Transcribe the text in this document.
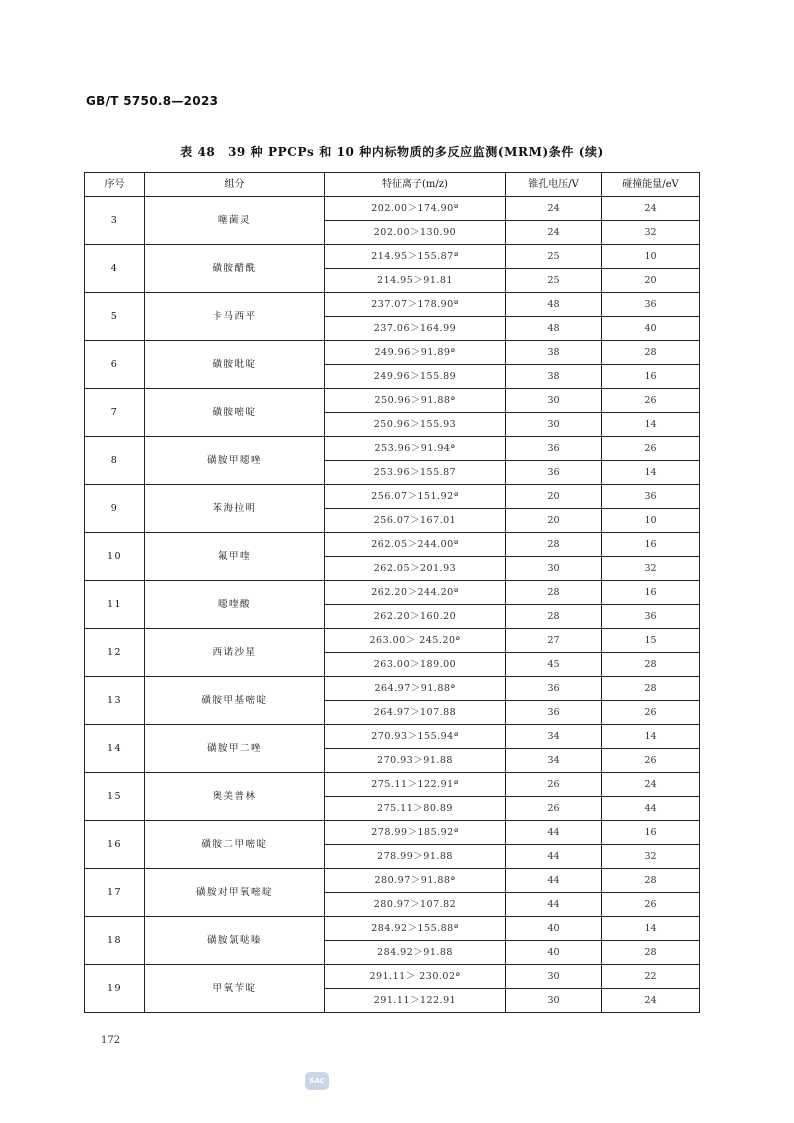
GB/T 5750.8—2023
表 48　39 种 PPCPs 和 10 种内标物质的多反应监测(MRM)条件 (续)
序号	组分	特征离子(m/z)	锥孔电压/V	碰撞能量/eV
3	噻菌灵	202.00＞174.90ª	24	24
		202.00＞130.90	24	32
4	磺胺醋酰	214.95＞155.87ª	25	10
		214.95＞91.81	25	20
5	卡马西平	237.07＞178.90ª	48	36
		237.06＞164.99	48	40
6	磺胺吡啶	249.96＞91.89ª	38	28
		249.96＞155.89	38	16
7	磺胺嘧啶	250.96＞91.88ª	30	26
		250.96＞155.93	30	14
8	磺胺甲噁唑	253.96＞91.94ª	36	26
		253.96＞155.87	36	14
9	苯海拉明	256.07＞151.92ª	20	36
		256.07＞167.01	20	10
10	氟甲喹	262.05＞244.00ª	28	16
		262.05＞201.93	30	32
11	噁喹酸	262.20＞244.20ª	28	16
		262.20＞160.20	28	36
12	西诺沙星	263.00＞ 245.20ª	27	15
		263.00＞189.00	45	28
13	磺胺甲基嘧啶	264.97＞91.88ª	36	28
		264.97＞107.88	36	26
14	磺胺甲二唑	270.93＞155.94ª	34	14
		270.93＞91.88	34	26
15	奥美普林	275.11＞122.91ª	26	24
		275.11＞80.89	26	44
16	磺胺二甲嘧啶	278.99＞185.92ª	44	16
		278.99＞91.88	44	32
17	磺胺对甲氧嘧啶	280.97＞91.88ª	44	28
		280.97＞107.82	44	26
18	磺胺氯哒嗪	284.92＞155.88ª	40	14
		284.92＞91.88	40	28
19	甲氧苄啶	291.11＞ 230.02ª	30	22
		291.11＞122.91	30	24
172
SAC
